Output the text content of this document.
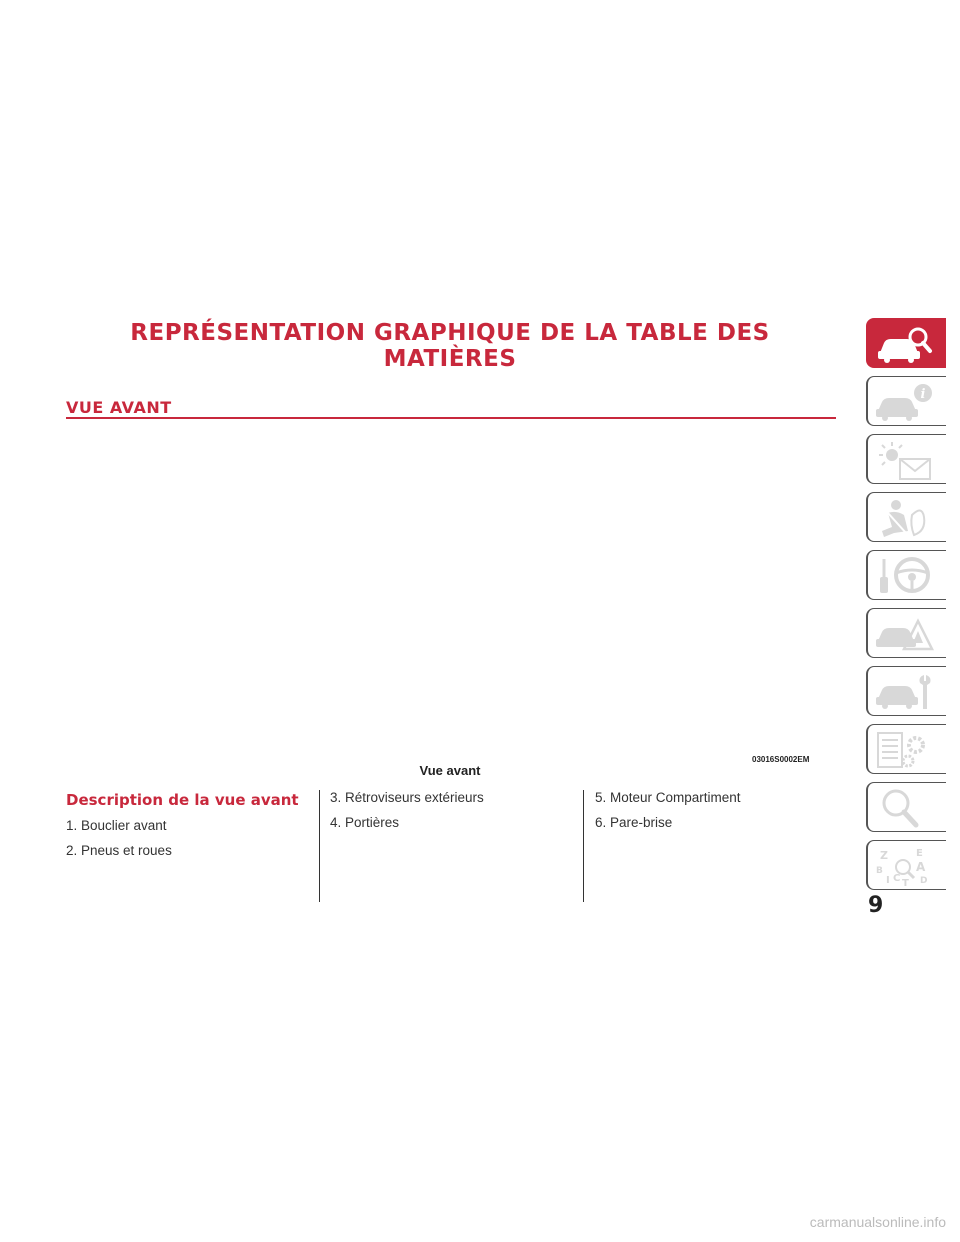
REPRÉSENTATION GRAPHIQUE DE LA TABLE DES MATIÈRES
VUE AVANT
03016S0002EM
Vue avant
Description de la vue avant
1. Bouclier avant
2. Pneus et roues
3. Rétroviseurs extérieurs
4. Portières
5. Moteur Compartiment
6. Pare-brise
i
Z	E
B	A
D
I C T
9
carmanualsonline.info
